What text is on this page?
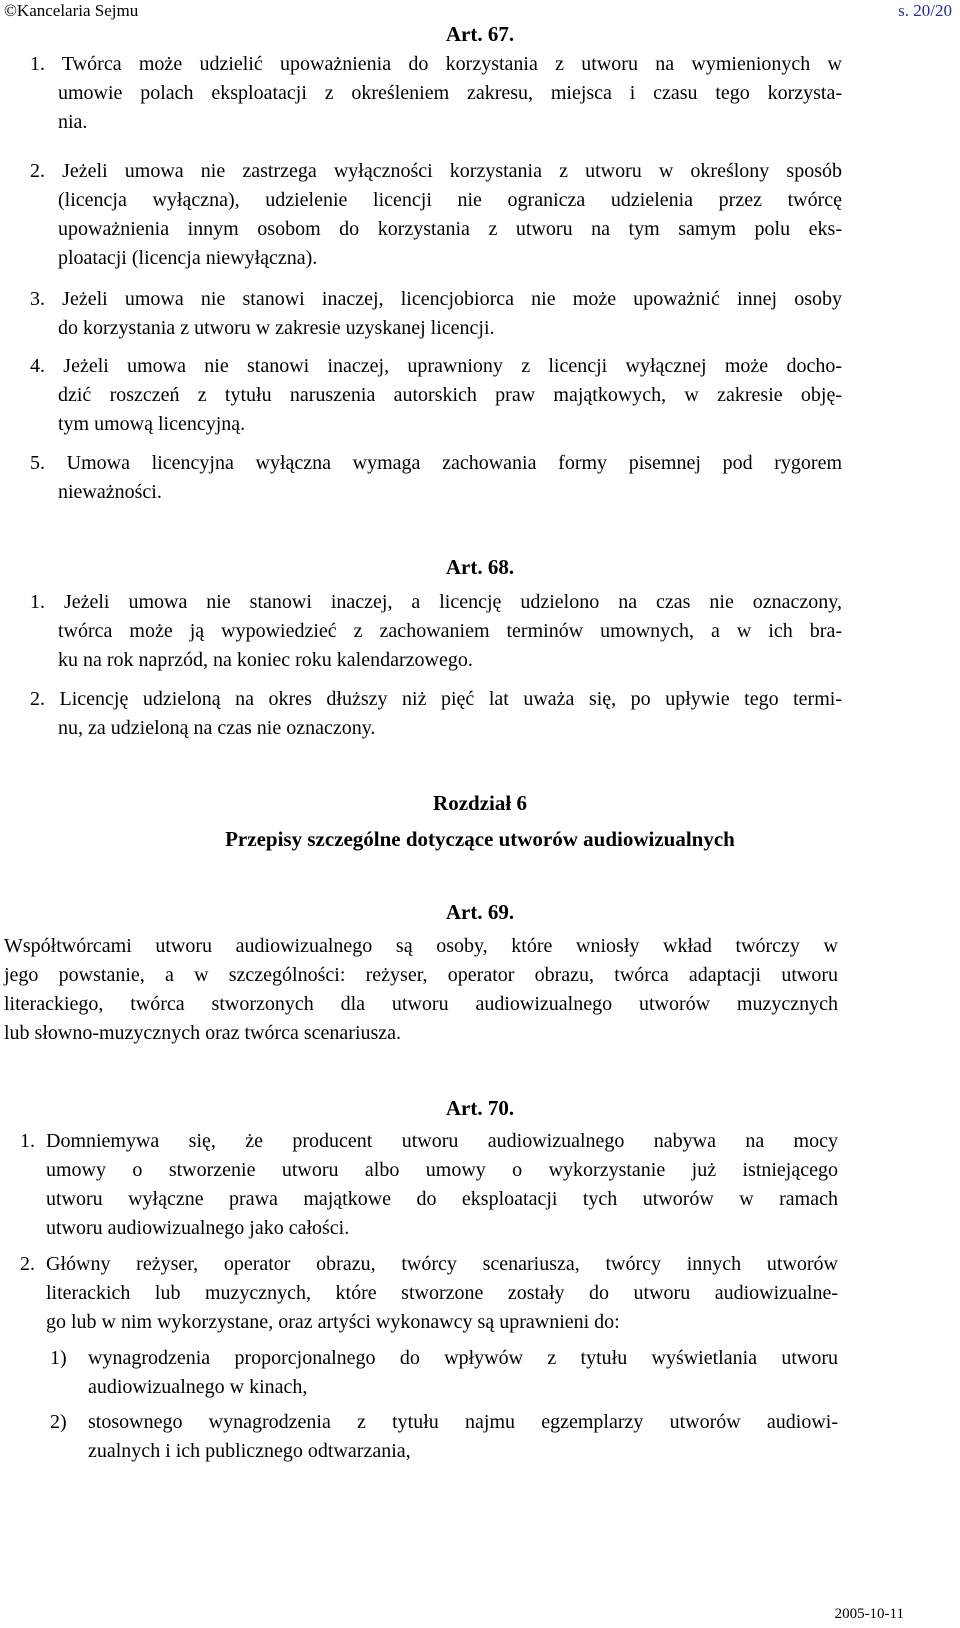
©Kancelaria Sejmu	s. 20/20
Art. 67.
1. Twórca może udzielić upoważnienia do korzystania z utworu na wymienionych w
umowie polach eksploatacji z określeniem zakresu, miejsca i czasu tego korzysta-
nia.
2. Jeżeli umowa nie zastrzega wyłączności korzystania z utworu w określony sposób
(licencja wyłączna), udzielenie licencji nie ogranicza udzielenia przez twórcę
upoważnienia innym osobom do korzystania z utworu na tym samym polu eks-
ploatacji (licencja niewyłączna).
3. Jeżeli umowa nie stanowi inaczej, licencjobiorca nie może upoważnić innej osoby
do korzystania z utworu w zakresie uzyskanej licencji.
4. Jeżeli umowa nie stanowi inaczej, uprawniony z licencji wyłącznej może docho-
dzić roszczeń z tytułu naruszenia autorskich praw majątkowych, w zakresie obję-
tym umową licencyjną.
5. Umowa licencyjna wyłączna wymaga zachowania formy pisemnej pod rygorem
nieważności.
Art. 68.
1. Jeżeli umowa nie stanowi inaczej, a licencję udzielono na czas nie oznaczony,
twórca może ją wypowiedzieć z zachowaniem terminów umownych, a w ich bra-
ku na rok naprzód, na koniec roku kalendarzowego.
2. Licencję udzieloną na okres dłuższy niż pięć lat uważa się, po upływie tego termi-
nu, za udzieloną na czas nie oznaczony.
Rozdział 6
Przepisy szczególne dotyczące utworów audiowizualnych
Art. 69.
Współtwórcami utworu audiowizualnego są osoby, które wniosły wkład twórczy w
jego powstanie, a w szczególności: reżyser, operator obrazu, twórca adaptacji utworu
literackiego, twórca stworzonych dla utworu audiowizualnego utworów muzycznych
lub słowno-muzycznych oraz twórca scenariusza.
Art. 70.
1. Domniemywa się, że producent utworu audiowizualnego nabywa na mocy
umowy o stworzenie utworu albo umowy o wykorzystanie już istniejącego
utworu wyłączne prawa majątkowe do eksploatacji tych utworów w ramach
utworu audiowizualnego jako całości.
2. Główny reżyser, operator obrazu, twórcy scenariusza, twórcy innych utworów
literackich lub muzycznych, które stworzone zostały do utworu audiowizualne-
go lub w nim wykorzystane, oraz artyści wykonawcy są uprawnieni do:
1) wynagrodzenia proporcjonalnego do wpływów z tytułu wyświetlania utworu
audiowizualnego w kinach,
2) stosownego wynagrodzenia z tytułu najmu egzemplarzy utworów audiowi-
zualnych i ich publicznego odtwarzania,
2005-10-11
